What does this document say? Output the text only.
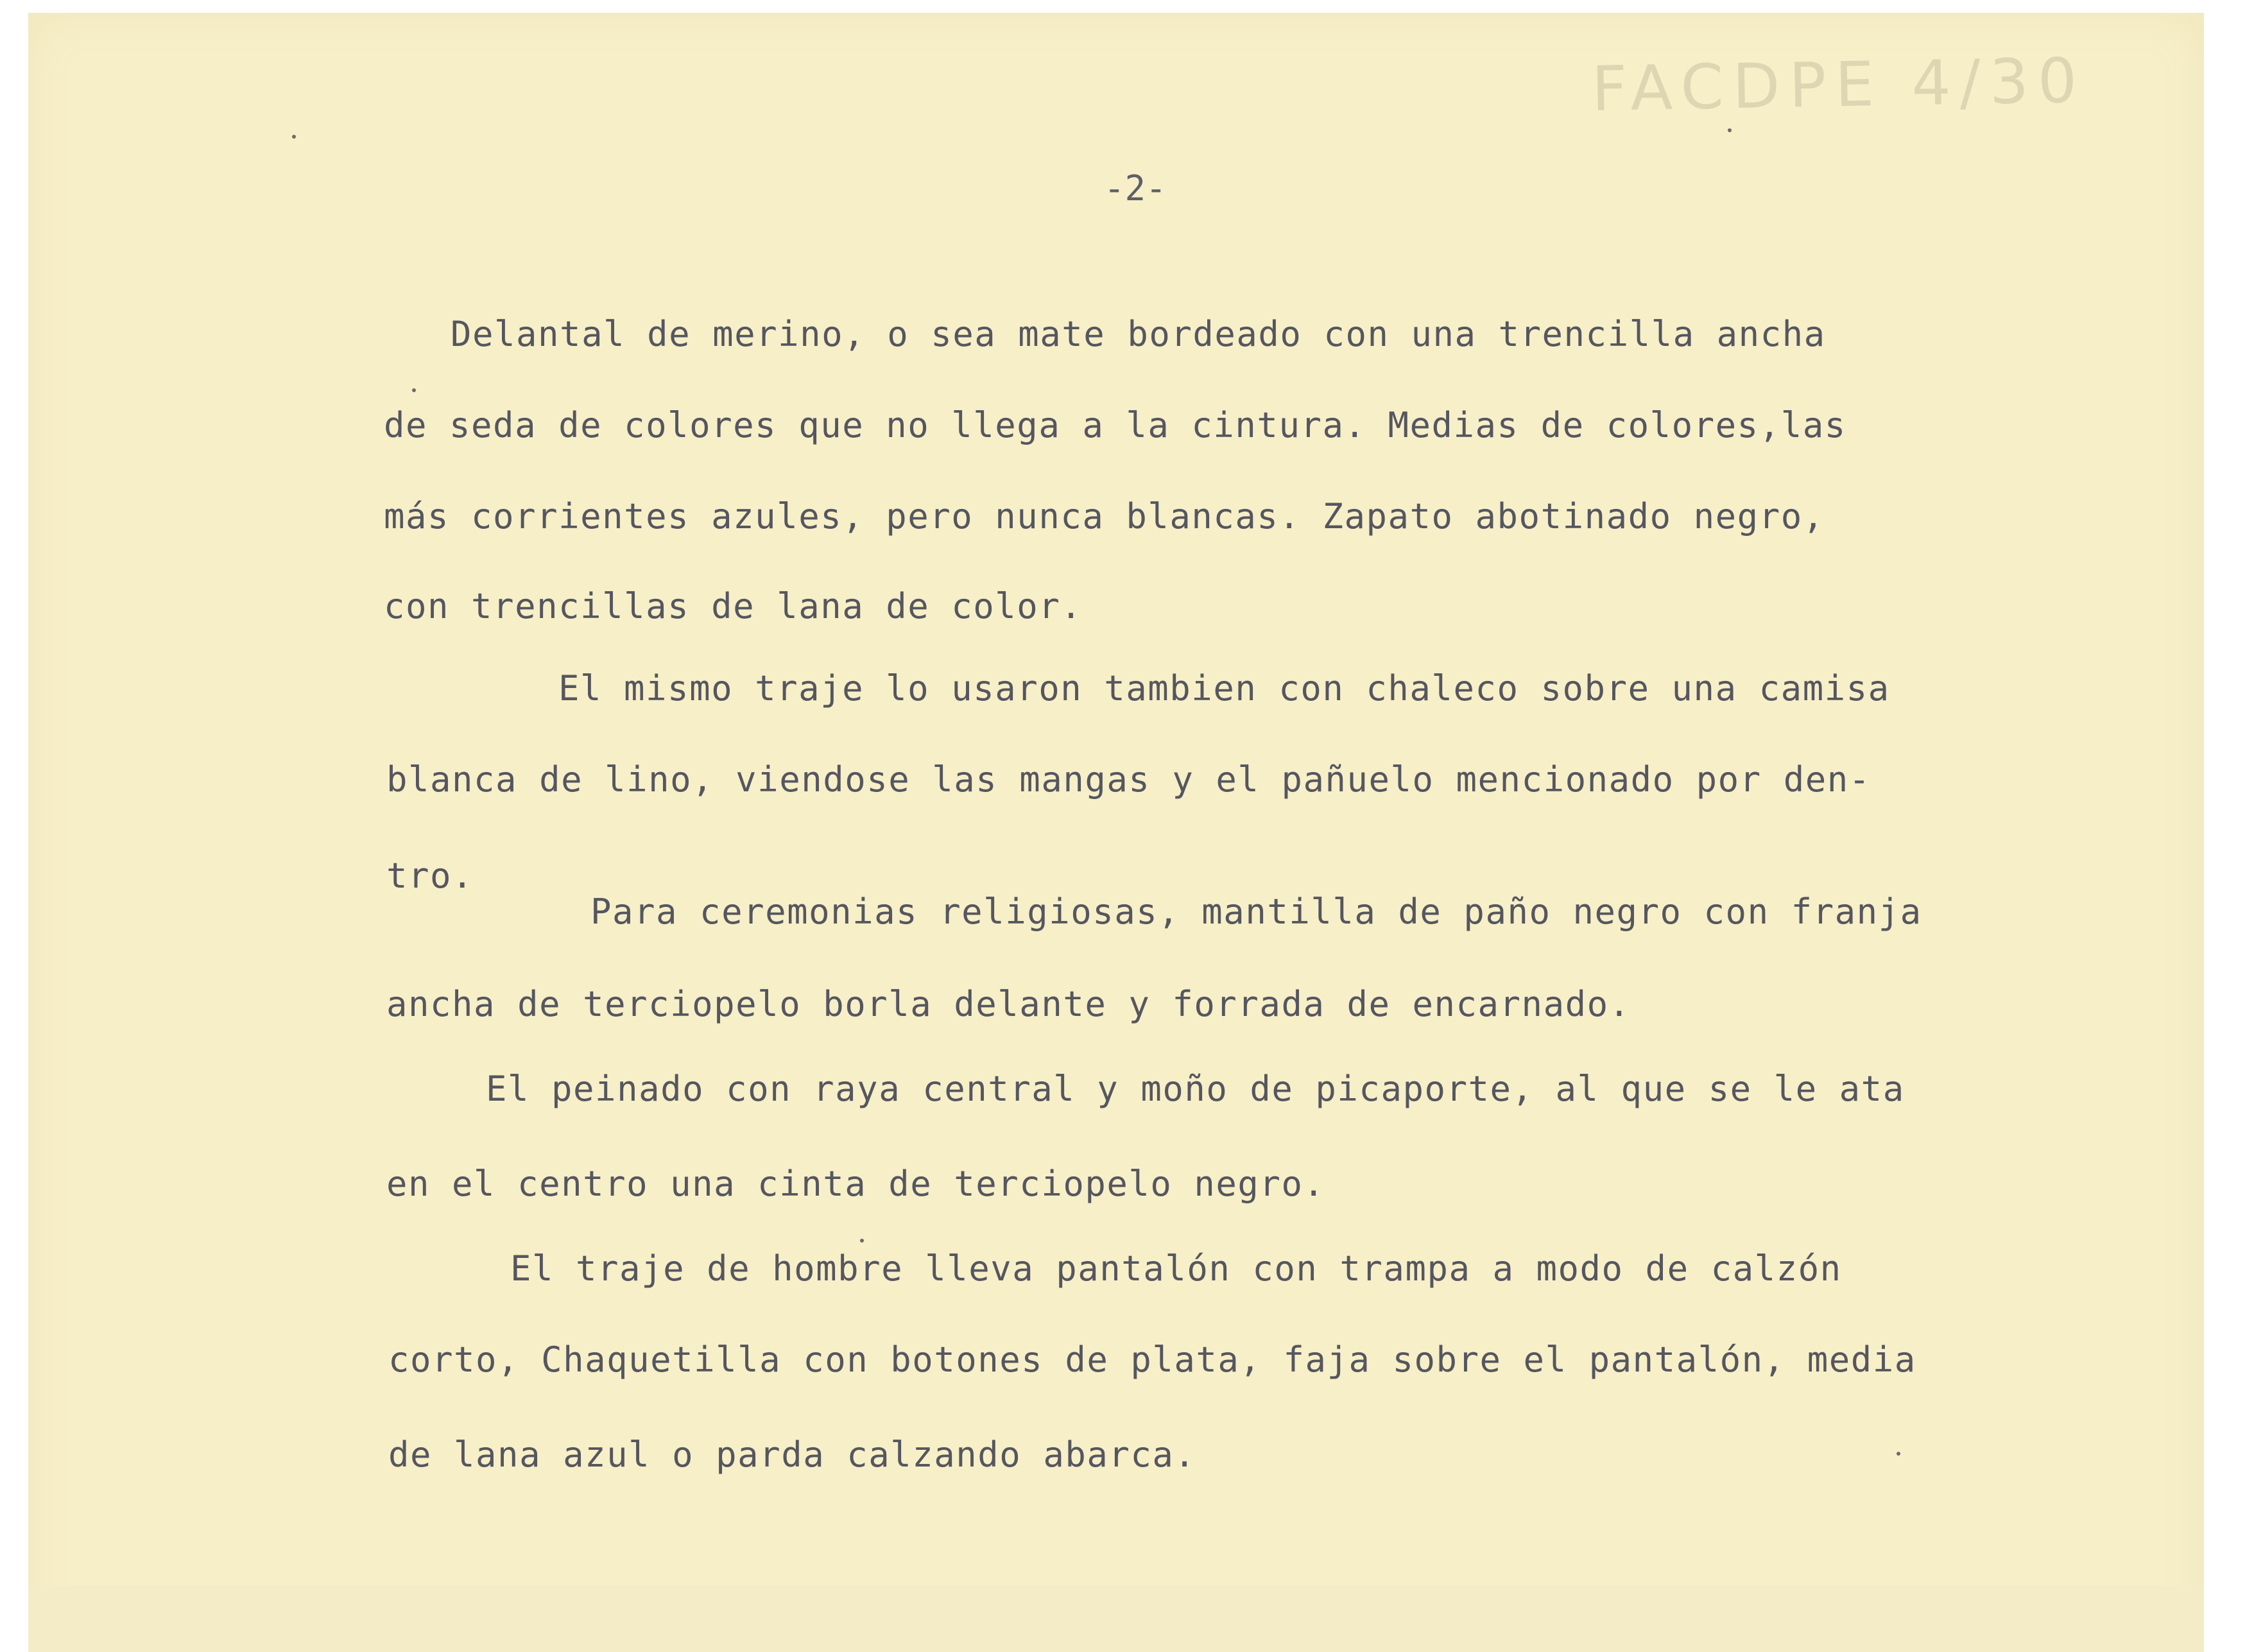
FACDPE 4/30
-2-
Delantal de merino, o sea mate bordeado con una trencilla ancha
de seda de colores que no llega a la cintura. Medias de colores,las
más corrientes azules, pero nunca blancas. Zapato abotinado negro,
con trencillas de lana de color.
El mismo traje lo usaron tambien con chaleco sobre una camisa
blanca de lino, viendose las mangas y el pañuelo mencionado por den-
tro.
Para ceremonias religiosas, mantilla de paño negro con franja
ancha de terciopelo borla delante y forrada de encarnado.
El peinado con raya central y moño de picaporte, al que se le ata
en el centro una cinta de terciopelo negro.
El traje de hombre lleva pantalón con trampa a modo de calzón
corto, Chaquetilla con botones de plata, faja sobre el pantalón, media
de lana azul o parda calzando abarca.
